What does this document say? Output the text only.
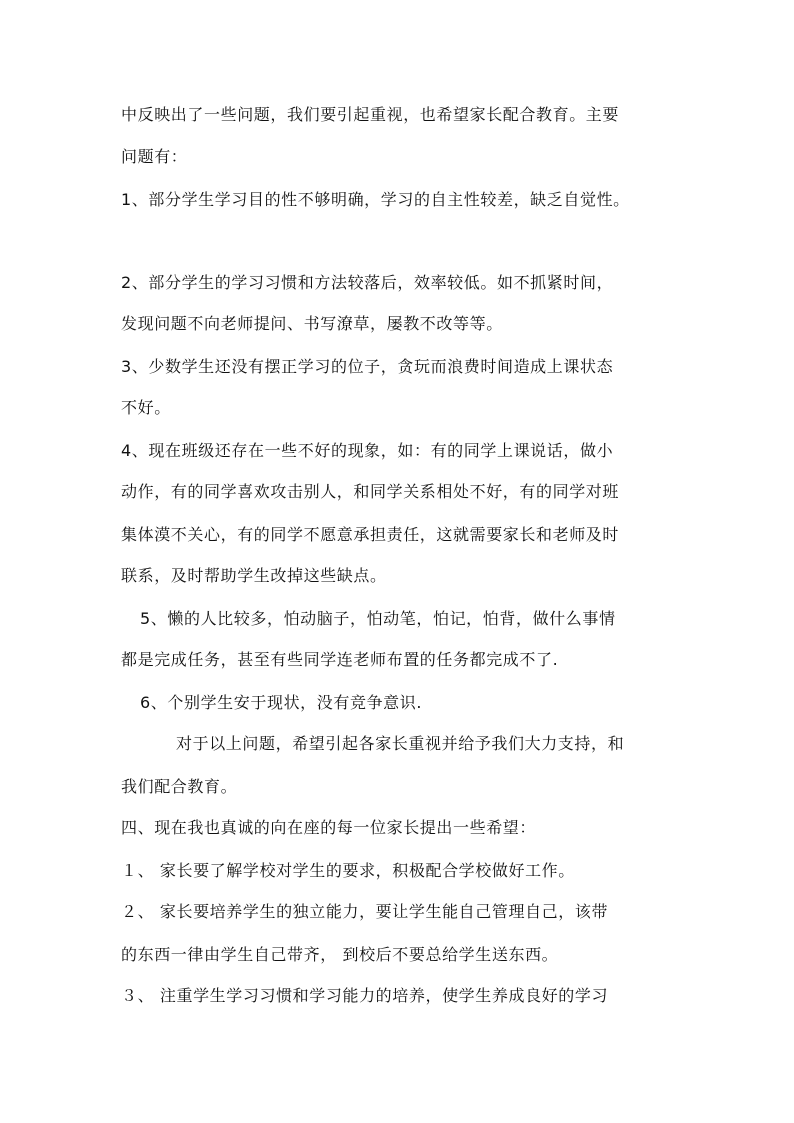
中反映出了一些问题，我们要引起重视，也希望家长配合教育。主要
问题有：
1、部分学生学习目的性不够明确，学习的自主性较差，缺乏自觉性。
2、部分学生的学习习惯和方法较落后，效率较低。如不抓紧时间，
发现问题不向老师提问、书写潦草，屡教不改等等。
3、少数学生还没有摆正学习的位子，贪玩而浪费时间造成上课状态
不好。
4、现在班级还存在一些不好的现象，如：有的同学上课说话，做小
动作，有的同学喜欢攻击别人，和同学关系相处不好，有的同学对班
集体漠不关心，有的同学不愿意承担责任，这就需要家长和老师及时
联系，及时帮助学生改掉这些缺点。
5、懒的人比较多，怕动脑子，怕动笔，怕记，怕背，做什么事情
都是完成任务，甚至有些同学连老师布置的任务都完成不了.
6、个别学生安于现状，没有竞争意识.
对于以上问题，希望引起各家长重视并给予我们大力支持，和
我们配合教育。
四、现在我也真诚的向在座的每一位家长提出一些希望：
１、 家长要了解学校对学生的要求，积极配合学校做好工作。
２、 家长要培养学生的独立能力，要让学生能自己管理自己，该带
的东西一律由学生自己带齐， 到校后不要总给学生送东西。
３、 注重学生学习习惯和学习能力的培养，使学生养成良好的学习
